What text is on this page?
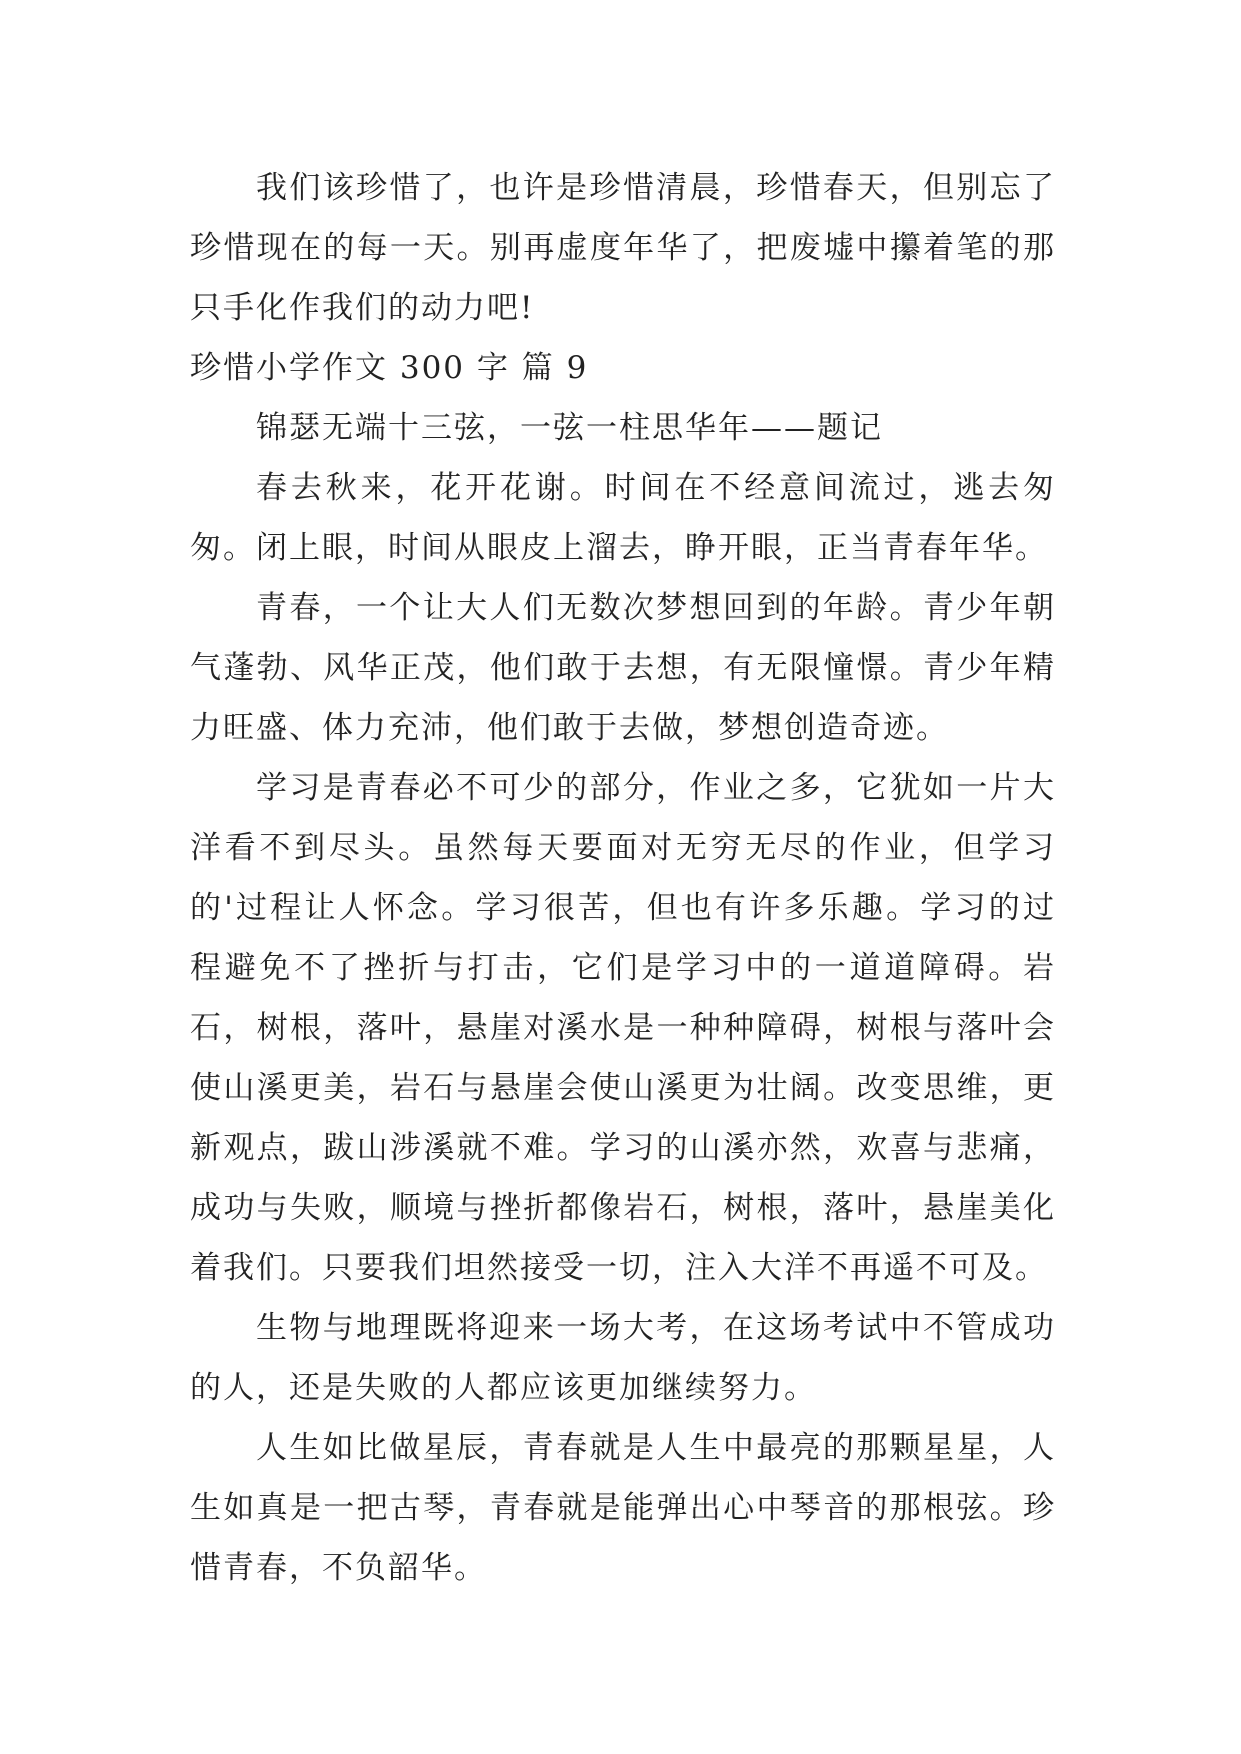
我们该珍惜了，也许是珍惜清晨，珍惜春天，但别忘了珍惜现在的每一天。别再虚度年华了，把废墟中攥着笔的那只手化作我们的动力吧!

珍惜小学作文 300 字 篇 9

锦瑟无端十三弦，一弦一柱思华年——题记

春去秋来，花开花谢。时间在不经意间流过，逃去匆匆。闭上眼，时间从眼皮上溜去，睁开眼，正当青春年华。

青春，一个让大人们无数次梦想回到的年龄。青少年朝气蓬勃、风华正茂，他们敢于去想，有无限憧憬。青少年精力旺盛、体力充沛，他们敢于去做，梦想创造奇迹。

学习是青春必不可少的部分，作业之多，它犹如一片大洋看不到尽头。虽然每天要面对无穷无尽的作业，但学习的'过程让人怀念。学习很苦，但也有许多乐趣。学习的过程避免不了挫折与打击，它们是学习中的一道道障碍。岩石，树根，落叶，悬崖对溪水是一种种障碍，树根与落叶会使山溪更美，岩石与悬崖会使山溪更为壮阔。改变思维，更新观点，跋山涉溪就不难。学习的山溪亦然，欢喜与悲痛，成功与失败，顺境与挫折都像岩石，树根，落叶，悬崖美化着我们。只要我们坦然接受一切，注入大洋不再遥不可及。

生物与地理既将迎来一场大考，在这场考试中不管成功的人，还是失败的人都应该更加继续努力。

人生如比做星辰，青春就是人生中最亮的那颗星星，人生如真是一把古琴，青春就是能弹出心中琴音的那根弦。珍惜青春，不负韶华。
